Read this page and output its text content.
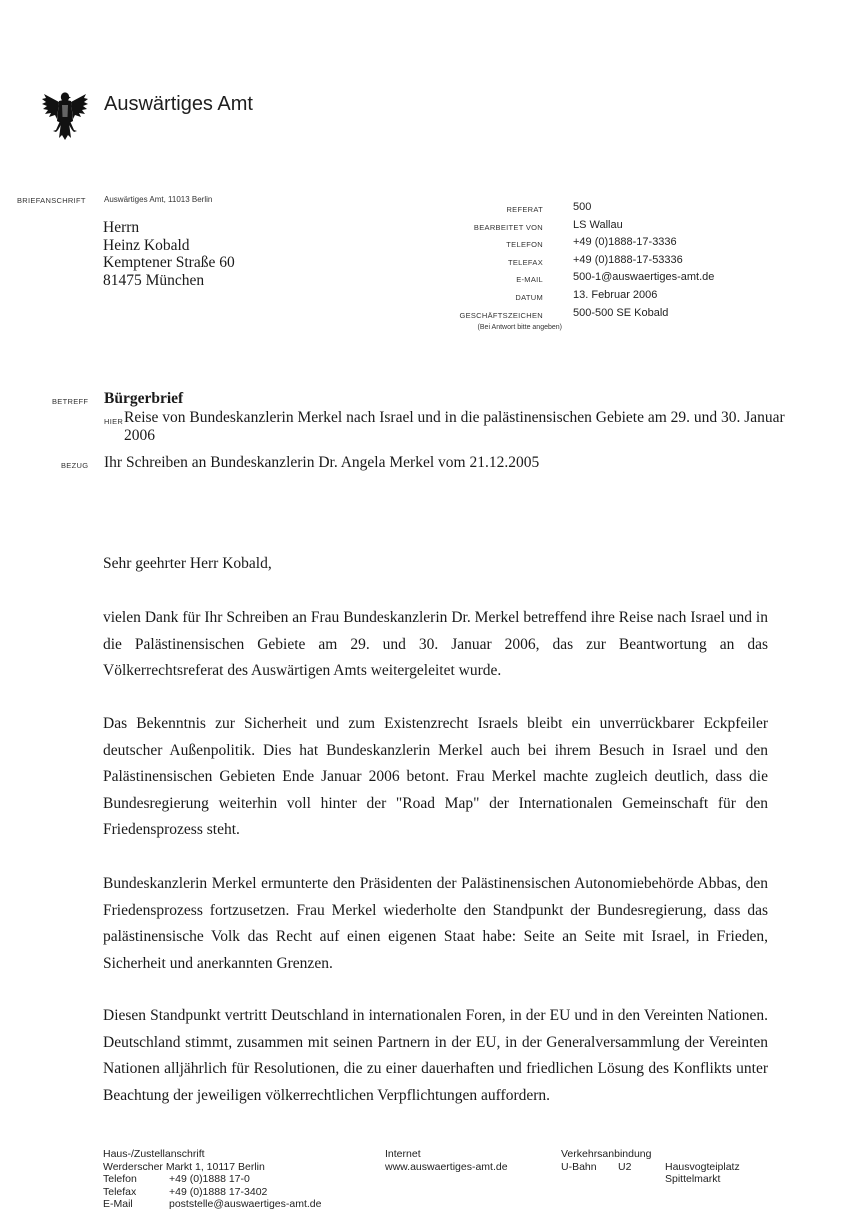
Auswärtiges Amt
BRIEFANSCHRIFT Auswärtiges Amt, 11013 Berlin
Herrn
Heinz Kobald
Kemptener Straße 60
81475 München
REFERAT	500
BEARBEITET VON	LS Wallau
TELEFON	+49 (0)1888-17-3336
TELEFAX	+49 (0)1888-17-53336
E-MAIL	500-1@auswaertiges-amt.de
DATUM	13. Februar 2006
GESCHÄFTSZEICHEN	500-500 SE Kobald
(Bei Antwort bitte angeben)
BETREFF Bürgerbrief
HIER Reise von Bundeskanzlerin Merkel nach Israel und in die palästinensischen Gebiete am 29. und 30. Januar 2006
BEZUG Ihr Schreiben an Bundeskanzlerin Dr. Angela Merkel vom 21.12.2005
Sehr geehrter Herr Kobald,
vielen Dank für Ihr Schreiben an Frau Bundeskanzlerin Dr. Merkel betreffend ihre Reise nach Israel und in die Palästinensischen Gebiete am 29. und 30. Januar 2006, das zur Beantwortung an das Völkerrechtsreferat des Auswärtigen Amts weitergeleitet wurde.
Das Bekenntnis zur Sicherheit und zum Existenzrecht Israels bleibt ein unverrückbarer Eckpfeiler deutscher Außenpolitik. Dies hat Bundeskanzlerin Merkel auch bei ihrem Besuch in Israel und den Palästinensischen Gebieten Ende Januar 2006 betont. Frau Merkel machte zugleich deutlich, dass die Bundesregierung weiterhin voll hinter der "Road Map" der Internationalen Gemeinschaft für den Friedensprozess steht.
Bundeskanzlerin Merkel ermunterte den Präsidenten der Palästinensischen Autonomiebehörde Abbas, den Friedensprozess fortzusetzen. Frau Merkel wiederholte den Standpunkt der Bundesregierung, dass das palästinensische Volk das Recht auf einen eigenen Staat habe: Seite an Seite mit Israel, in Frieden, Sicherheit und anerkannten Grenzen.
Diesen Standpunkt vertritt Deutschland in internationalen Foren, in der EU und in den Vereinten Nationen. Deutschland stimmt, zusammen mit seinen Partnern in der EU, in der Generalversammlung der Vereinten Nationen alljährlich für Resolutionen, die zu einer dauerhaften und friedlichen Lösung des Konflikts unter Beachtung der jeweiligen völkerrechtlichen Verpflichtungen auffordern.
Haus-/Zustellanschrift
Werderscher Markt 1, 10117 Berlin
Telefon	+49 (0)1888 17-0
Telefax	+49 (0)1888 17-3402
E-Mail	poststelle@auswaertiges-amt.de
Internet
www.auswaertiges-amt.de
Verkehrsanbindung
U-Bahn U2	Hausvogteiplatz
Spittelmarkt
